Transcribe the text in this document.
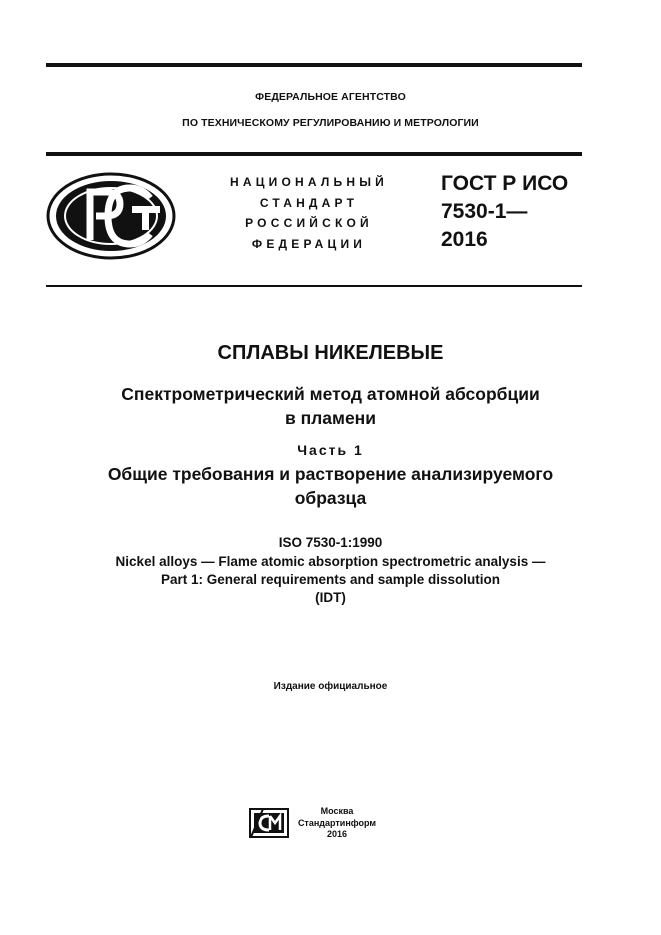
ФЕДЕРАЛЬНОЕ АГЕНТСТВО
ПО ТЕХНИЧЕСКОМУ РЕГУЛИРОВАНИЮ И МЕТРОЛОГИИ
НАЦИОНАЛЬНЫЙ
СТАНДАРТ
РОССИЙСКОЙ
ФЕДЕРАЦИИ
ГОСТ Р ИСО
7530-1—
2016
СПЛАВЫ НИКЕЛЕВЫЕ
Спектрометрический метод атомной абсорбции
в пламени
Часть 1
Общие требования и растворение анализируемого
образца
ISO 7530-1:1990
Nickel alloys — Flame atomic absorption spectrometric analysis —
Part 1: General requirements and sample dissolution
(IDT)
Издание официальное
Москва
Стандартинформ
2016
